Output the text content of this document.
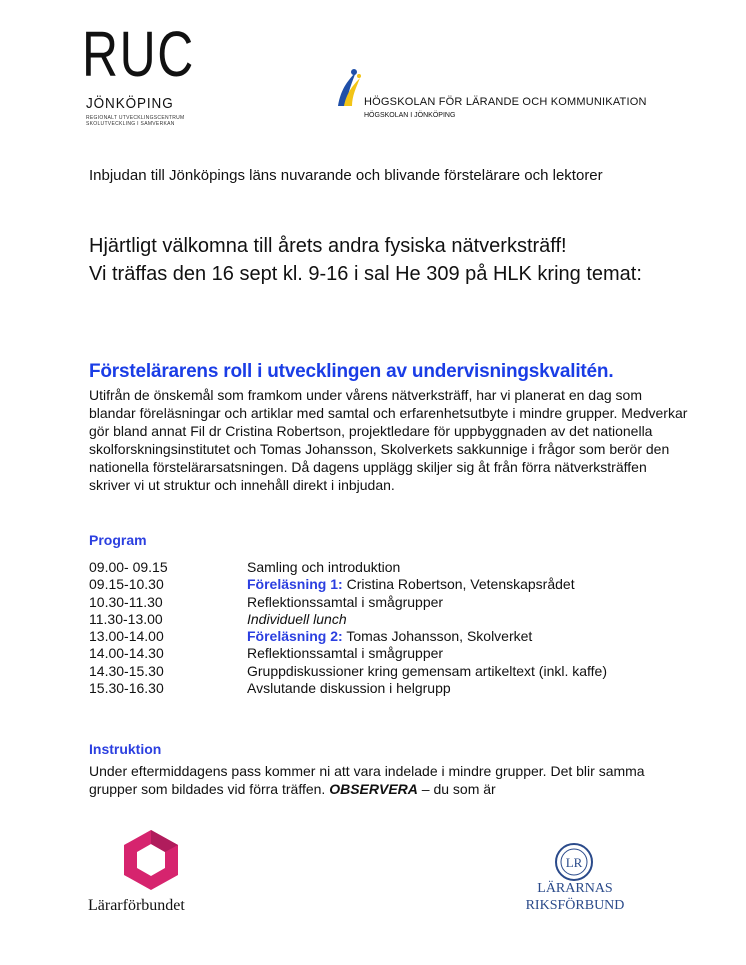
RUC
JÖNKÖPING
REGIONALT UTVECKLINGSCENTRUM
SKOLUTVECKLING I SAMVERKAN
HÖGSKOLAN FÖR LÄRANDE OCH KOMMUNIKATION
HÖGSKOLAN I JÖNKÖPING
Inbjudan till Jönköpings läns nuvarande och blivande förstelärare och lektorer
Hjärtligt välkomna till årets andra fysiska nätverksträff!
Vi träffas den 16 sept kl. 9-16 i sal He 309 på HLK kring temat:
Förstelärarens roll i utvecklingen av undervisningskvalitén.
Utifrån de önskemål som framkom under vårens nätverksträff, har vi planerat en dag som blandar föreläsningar och artiklar med samtal och erfarenhetsutbyte i mindre grupper. Medverkar gör bland annat Fil dr Cristina Robertson, projektledare för uppbyggnaden av det nationella skolforskningsinstitutet och Tomas Johansson, Skolverkets sakkunnige i frågor som berör den nationella förstelärarsatsningen. Då dagens upplägg skiljer sig åt från förra nätverksträffen skriver vi ut struktur och innehåll direkt i inbjudan.
Program
09.00- 09.15	Samling och introduktion
09.15-10.30	Föreläsning 1: Cristina Robertson, Vetenskapsrådet
10.30-11.30	Reflektionssamtal i smågrupper
11.30-13.00	Individuell lunch
13.00-14.00	Föreläsning 2: Tomas Johansson, Skolverket
14.00-14.30	Reflektionssamtal i smågrupper
14.30-15.30	Gruppdiskussioner kring gemensam artikeltext (inkl. kaffe)
15.30-16.30	Avslutande diskussion i helgrupp
Instruktion
Under eftermiddagens pass kommer ni att vara indelade i mindre grupper. Det blir samma grupper som bildades vid förra träffen. OBSERVERA – du som är
Lärarförbundet
LR
LÄRARNAS
RIKSFÖRBUND
